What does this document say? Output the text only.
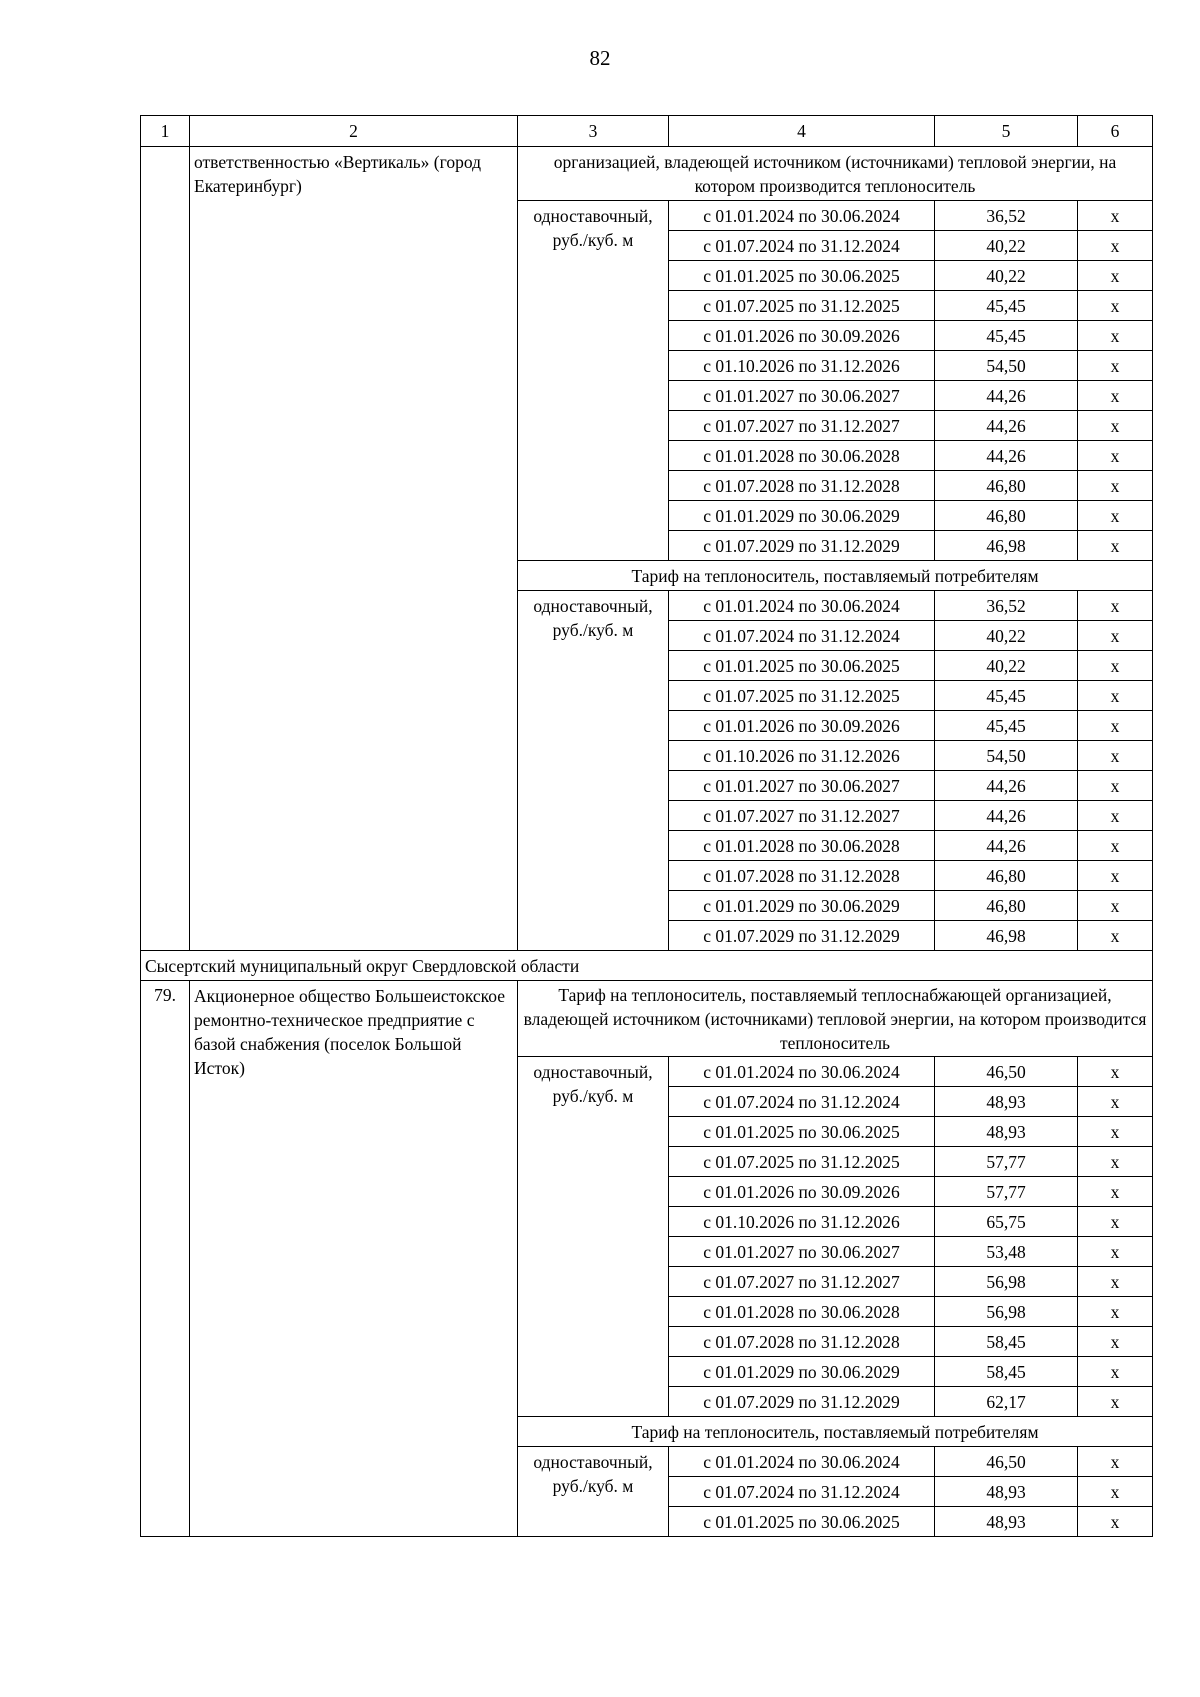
82
1	2	3	4	5	6
	ответственностью «Вертикаль» (город Екатеринбург)	организацией, владеющей источником (источниками) тепловой энергии, на котором производится теплоноситель			
		одноставочный, руб./куб. м	с 01.01.2024 по 30.06.2024	36,52	х
			с 01.07.2024 по 31.12.2024	40,22	х
			с 01.01.2025 по 30.06.2025	40,22	х
			с 01.07.2025 по 31.12.2025	45,45	х
			с 01.01.2026 по 30.09.2026	45,45	х
			с 01.10.2026 по 31.12.2026	54,50	х
			с 01.01.2027 по 30.06.2027	44,26	х
			с 01.07.2027 по 31.12.2027	44,26	х
			с 01.01.2028 по 30.06.2028	44,26	х
			с 01.07.2028 по 31.12.2028	46,80	х
			с 01.01.2029 по 30.06.2029	46,80	х
			с 01.07.2029 по 31.12.2029	46,98	х
		Тариф на теплоноситель, поставляемый потребителям			
		одноставочный, руб./куб. м	с 01.01.2024 по 30.06.2024	36,52	х
			с 01.07.2024 по 31.12.2024	40,22	х
			с 01.01.2025 по 30.06.2025	40,22	х
			с 01.07.2025 по 31.12.2025	45,45	х
			с 01.01.2026 по 30.09.2026	45,45	х
			с 01.10.2026 по 31.12.2026	54,50	х
			с 01.01.2027 по 30.06.2027	44,26	х
			с 01.07.2027 по 31.12.2027	44,26	х
			с 01.01.2028 по 30.06.2028	44,26	х
			с 01.07.2028 по 31.12.2028	46,80	х
			с 01.01.2029 по 30.06.2029	46,80	х
			с 01.07.2029 по 31.12.2029	46,98	х
Сысертский муниципальный округ Свердловской области					
79.	Акционерное общество Большеистокское ремонтно-техническое предприятие с базой снабжения (поселок Большой Исток)	Тариф на теплоноситель, поставляемый теплоснабжающей организацией, владеющей источником (источниками) тепловой энергии, на котором производится теплоноситель			
		одноставочный, руб./куб. м	с 01.01.2024 по 30.06.2024	46,50	х
			с 01.07.2024 по 31.12.2024	48,93	х
			с 01.01.2025 по 30.06.2025	48,93	х
			с 01.07.2025 по 31.12.2025	57,77	х
			с 01.01.2026 по 30.09.2026	57,77	х
			с 01.10.2026 по 31.12.2026	65,75	х
			с 01.01.2027 по 30.06.2027	53,48	х
			с 01.07.2027 по 31.12.2027	56,98	х
			с 01.01.2028 по 30.06.2028	56,98	х
			с 01.07.2028 по 31.12.2028	58,45	х
			с 01.01.2029 по 30.06.2029	58,45	х
			с 01.07.2029 по 31.12.2029	62,17	х
		Тариф на теплоноситель, поставляемый потребителям			
		одноставочный, руб./куб. м	с 01.01.2024 по 30.06.2024	46,50	х
			с 01.07.2024 по 31.12.2024	48,93	х
			с 01.01.2025 по 30.06.2025	48,93	х
